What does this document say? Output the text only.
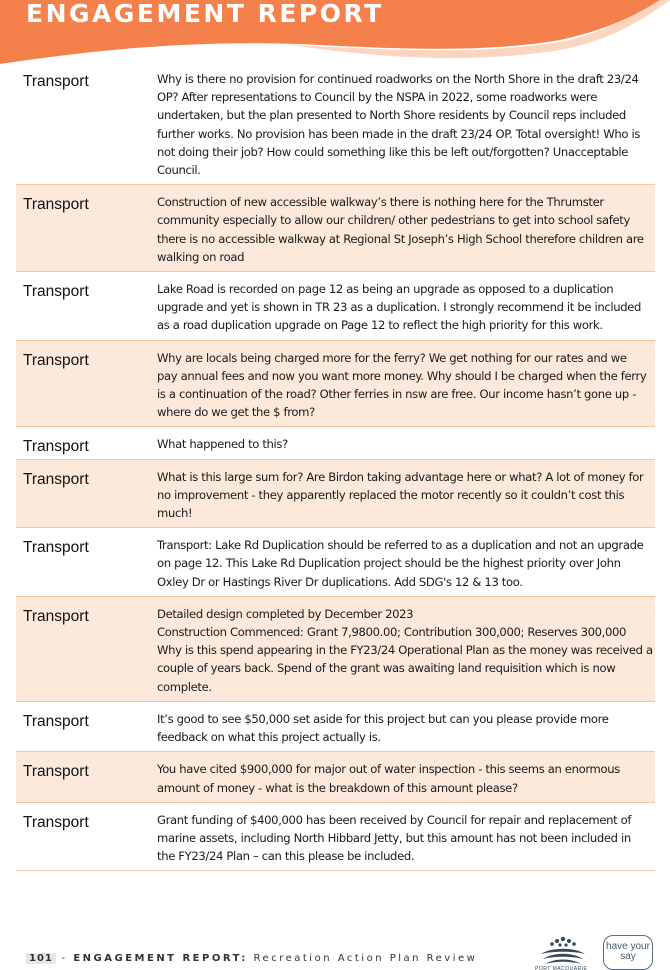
ENGAGEMENT REPORT
Transport	Why is there no provision for continued roadworks on the North Shore in the draft 23/24
OP? After representations to Council by the NSPA in 2022, some roadworks were
undertaken, but the plan presented to North Shore residents by Council reps included
further works. No provision has been made in the draft 23/24 OP. Total oversight! Who is
not doing their job? How could something like this be left out/forgotten? Unacceptable
Council.
Transport	Construction of new accessible walkway’s there is nothing here for the Thrumster
community especially to allow our children/ other pedestrians to get into school safety
there is no accessible walkway at Regional St Joseph’s High School therefore children are
walking on road
Transport	Lake Road is recorded on page 12 as being an upgrade as opposed to a duplication
upgrade and yet is shown in TR 23 as a duplication. I strongly recommend it be included
as a road duplication upgrade on Page 12 to reflect the high priority for this work.
Transport	Why are locals being charged more for the ferry? We get nothing for our rates and we
pay annual fees and now you want more money. Why should I be charged when the ferry
is a continuation of the road? Other ferries in nsw are free. Our income hasn’t gone up -
where do we get the $ from?
Transport	What happened to this?
Transport	What is this large sum for? Are Birdon taking advantage here or what? A lot of money for
no improvement - they apparently replaced the motor recently so it couldn’t cost this
much!
Transport	Transport: Lake Rd Duplication should be referred to as a duplication and not an upgrade
on page 12. This Lake Rd Duplication project should be the highest priority over John
Oxley Dr or Hastings River Dr duplications. Add SDG's 12 & 13 too.
Transport	Detailed design completed by December 2023
Construction Commenced: Grant 7,9800.00; Contribution 300,000; Reserves 300,000
Why is this spend appearing in the FY23/24 Operational Plan as the money was received a
couple of years back. Spend of the grant was awaiting land requisition which is now
complete.
Transport	It’s good to see $50,000 set aside for this project but can you please provide more
feedback on what this project actually is.
Transport	You have cited $900,000 for major out of water inspection - this seems an enormous
amount of money - what is the breakdown of this amount please?
Transport	Grant funding of $400,000 has been received by Council for repair and replacement of
marine assets, including North Hibbard Jetty, but this amount has not been included in
the FY23/24 Plan – can this please be included.
101 - ENGAGEMENT REPORT: Recreation Action Plan Review
PORT MACQUARIE
have your say
